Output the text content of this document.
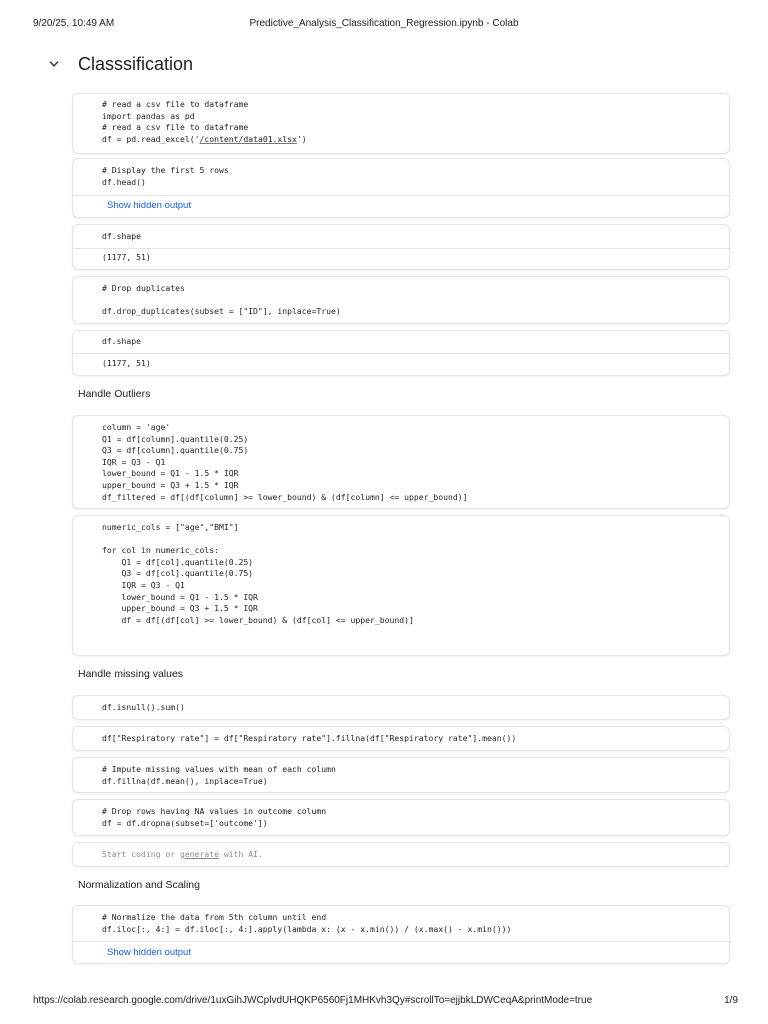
9/20/25, 10:49 AM	Predictive_Analysis_Classification_Regression.ipynb - Colab
Classsification
# read a csv file to dataframe
import pandas as pd
# read a csv file to dataframe
df = pd.read_excel('/content/data01.xlsx')
# Display the first 5 rows
df.head()
Show hidden output
df.shape
(1177, 51)
# Drop duplicates

df.drop_duplicates(subset = ["ID"], inplace=True)
df.shape
(1177, 51)
Handle Outliers
column = 'age'
Q1 = df[column].quantile(0.25)
Q3 = df[column].quantile(0.75)
IQR = Q3 - Q1
lower_bound = Q1 - 1.5 * IQR
upper_bound = Q3 + 1.5 * IQR
df_filtered = df[(df[column] >= lower_bound) & (df[column] <= upper_bound)]
numeric_cols = ["age","BMI"]

for col in numeric_cols:
Q1 = df[col].quantile(0.25)
Q3 = df[col].quantile(0.75)
IQR = Q3 - Q1
lower_bound = Q1 - 1.5 * IQR
upper_bound = Q3 + 1.5 * IQR
df = df[(df[col] >= lower_bound) & (df[col] <= upper_bound)]
Handle missing values
df.isnull().sum()
df["Respiratory rate"] = df["Respiratory rate"].fillna(df["Respiratory rate"].mean())
# Impute missing values with mean of each column
df.fillna(df.mean(), inplace=True)
# Drop rows having NA values in outcome column
df = df.dropna(subset=['outcome'])
Start coding or generate with AI.
Normalization and Scaling
# Normalize the data from 5th column until end
df.iloc[:, 4:] = df.iloc[:, 4:].apply(lambda x: (x - x.min()) / (x.max() - x.min()))
Show hidden output
https://colab.research.google.com/drive/1uxGihJWCplvdUHQKP6560Fj1MHKvh3Qy#scrollTo=ejjbkLDWCeqA&printMode=true	1/9
